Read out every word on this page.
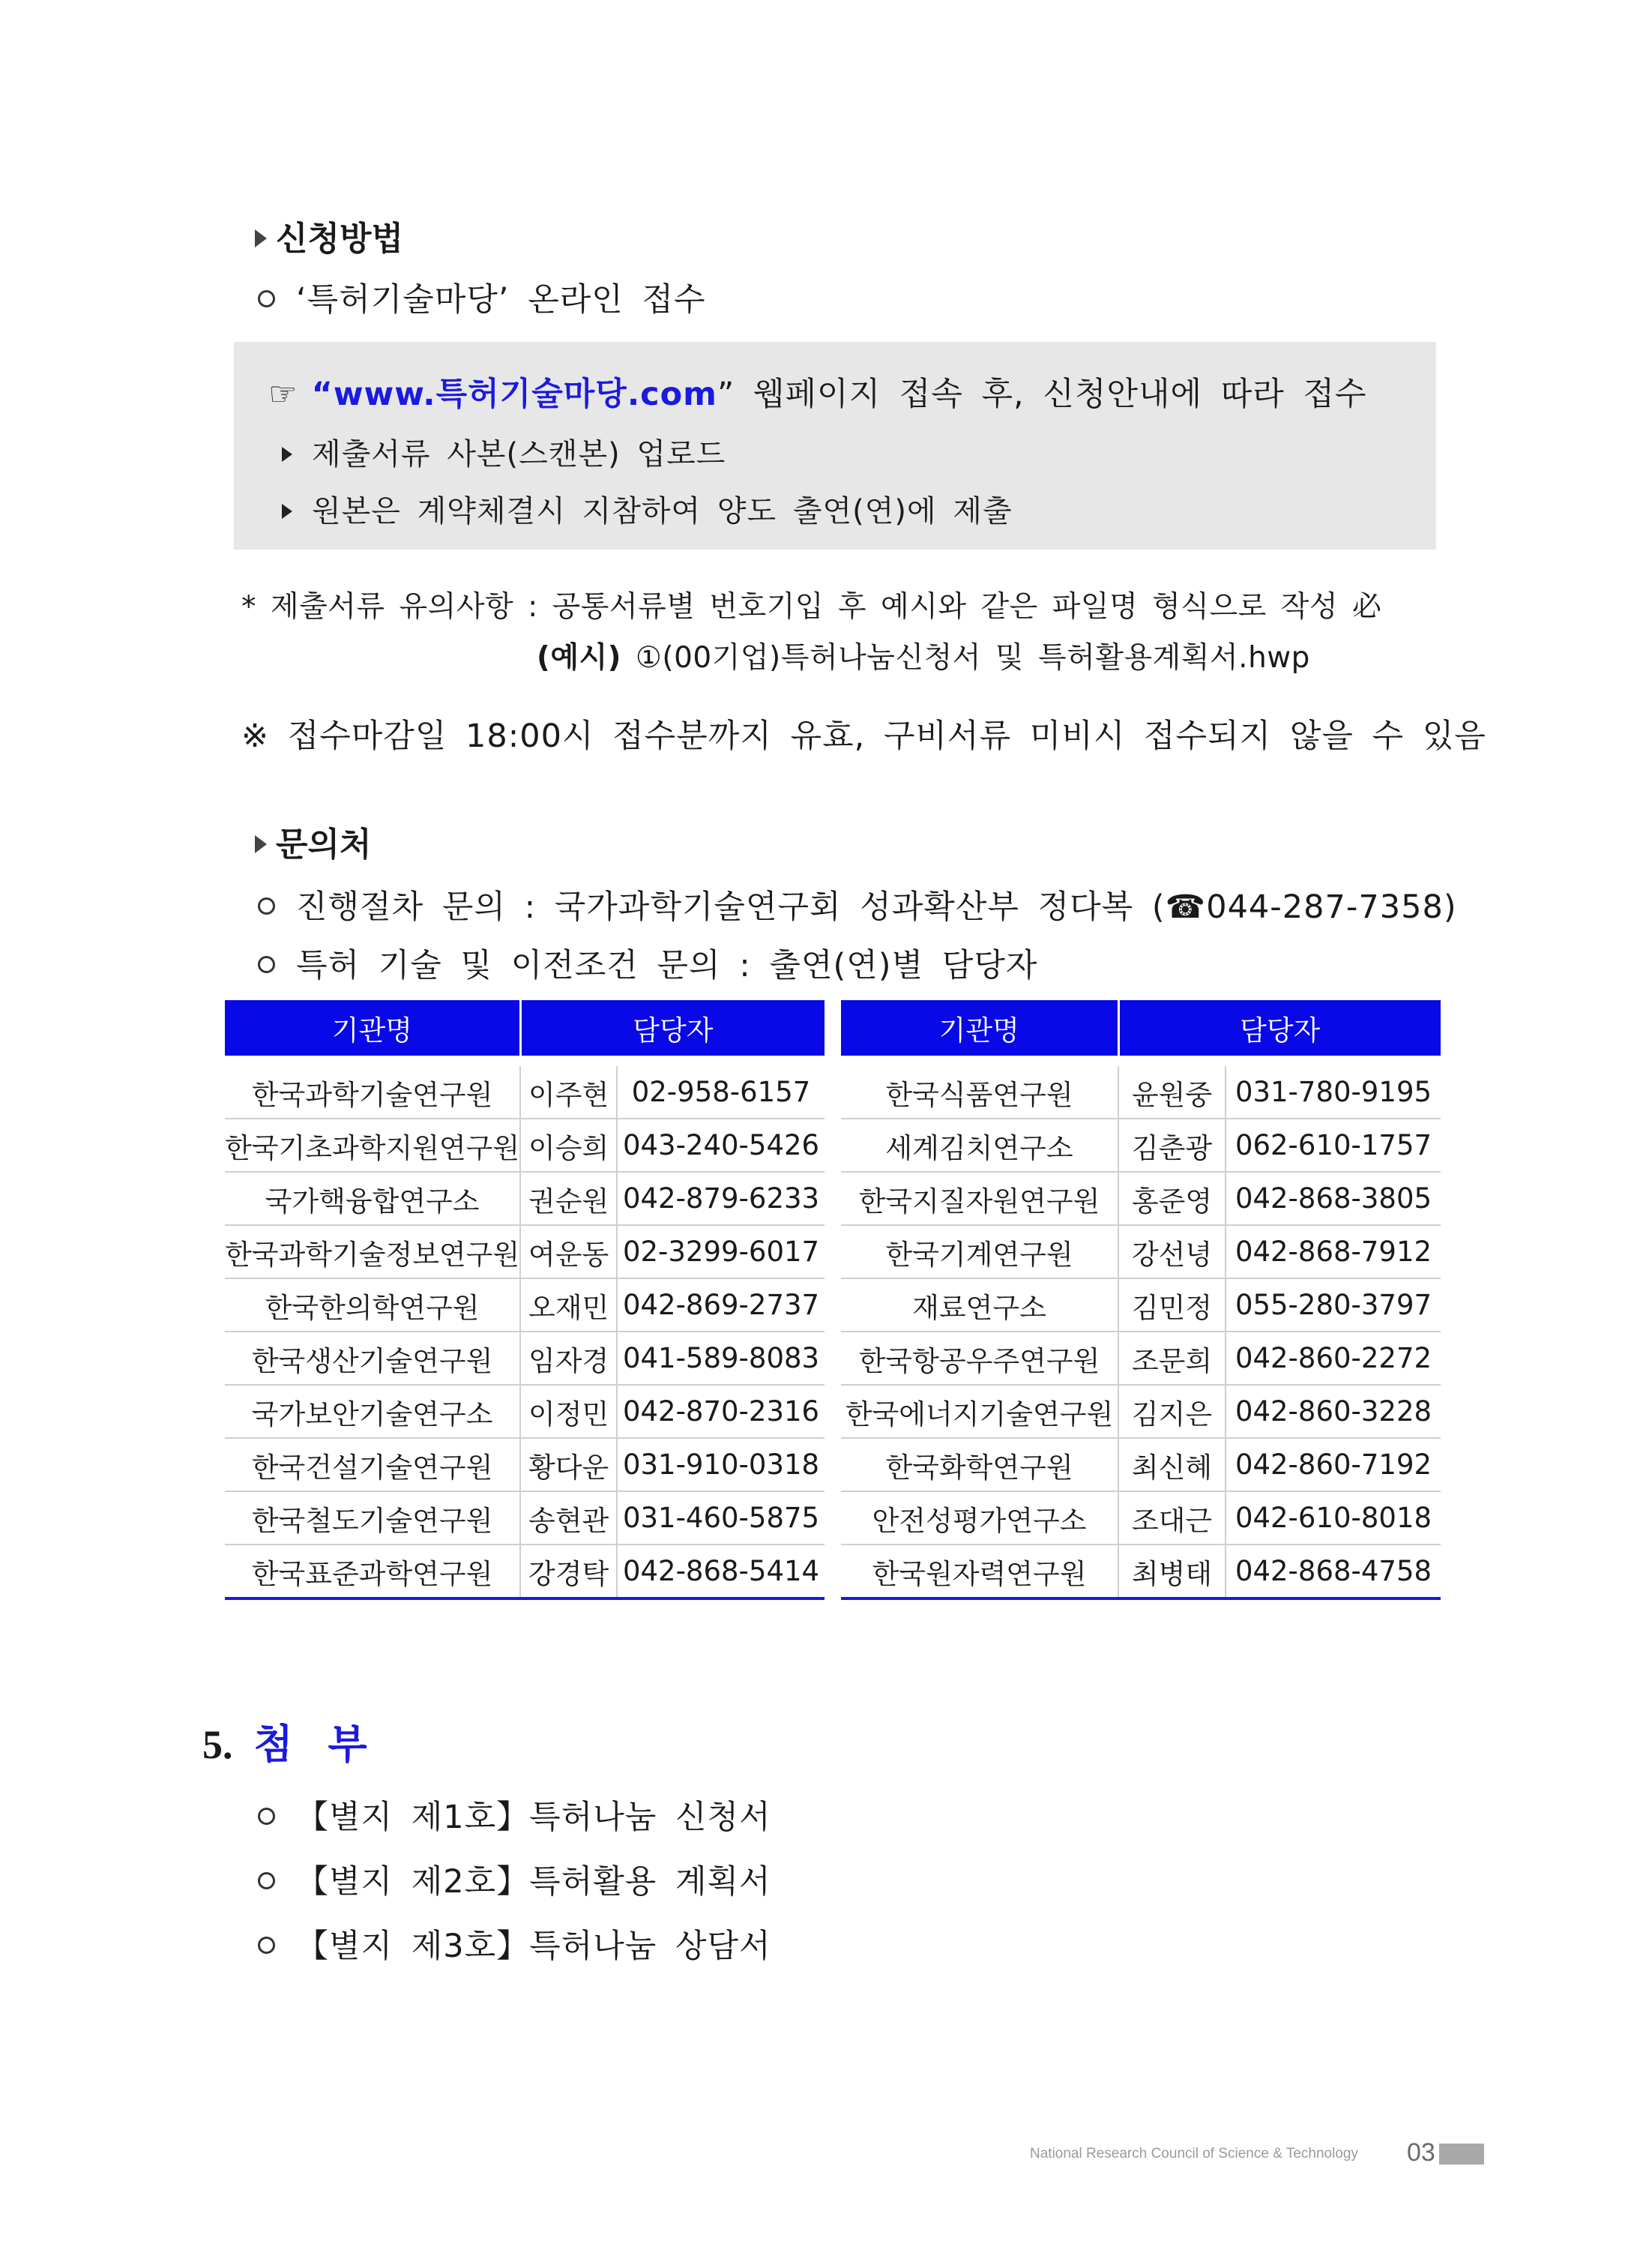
신청방법
‘특허기술마당’ 온라인 접수
☞ “www.특허기술마당.com” 웹페이지 접속 후, 신청안내에 따라 접수
제출서류 사본(스캔본) 업로드
원본은 계약체결시 지참하여 양도 출연(연)에 제출
* 제출서류 유의사항 : 공통서류별 번호기입 후 예시와 같은 파일명 형식으로 작성 必
(예시) ①(00기업)특허나눔신청서 및 특허활용계획서.hwp
※ 접수마감일 18:00시 접수분까지 유효, 구비서류 미비시 접수되지 않을 수 있음
문의처
진행절차 문의 : 국가과학기술연구회 성과확산부 정다복 (☎044-287-7358)
특허 기술 및 이전조건 문의 : 출연(연)별 담당자
기관명	담당자	
한국과학기술연구원	이주현	02-958-6157
한국기초과학지원연구원	이승희	043-240-5426
국가핵융합연구소	권순원	042-879-6233
한국과학기술정보연구원	여운동	02-3299-6017
한국한의학연구원	오재민	042-869-2737
한국생산기술연구원	임자경	041-589-8083
국가보안기술연구소	이정민	042-870-2316
한국건설기술연구원	황다운	031-910-0318
한국철도기술연구원	송현관	031-460-5875
한국표준과학연구원	강경탁	042-868-5414
기관명	담당자	
한국식품연구원	윤원중	031-780-9195
세계김치연구소	김춘광	062-610-1757
한국지질자원연구원	홍준영	042-868-3805
한국기계연구원	강선녕	042-868-7912
재료연구소	김민정	055-280-3797
한국항공우주연구원	조문희	042-860-2272
한국에너지기술연구원	김지은	042-860-3228
한국화학연구원	최신혜	042-860-7192
안전성평가연구소	조대근	042-610-8018
한국원자력연구원	최병태	042-868-4758
5. 첨 부
【별지 제1호】특허나눔 신청서
【별지 제2호】특허활용 계획서
【별지 제3호】특허나눔 상담서
National Research Council of Science & Technology 03
